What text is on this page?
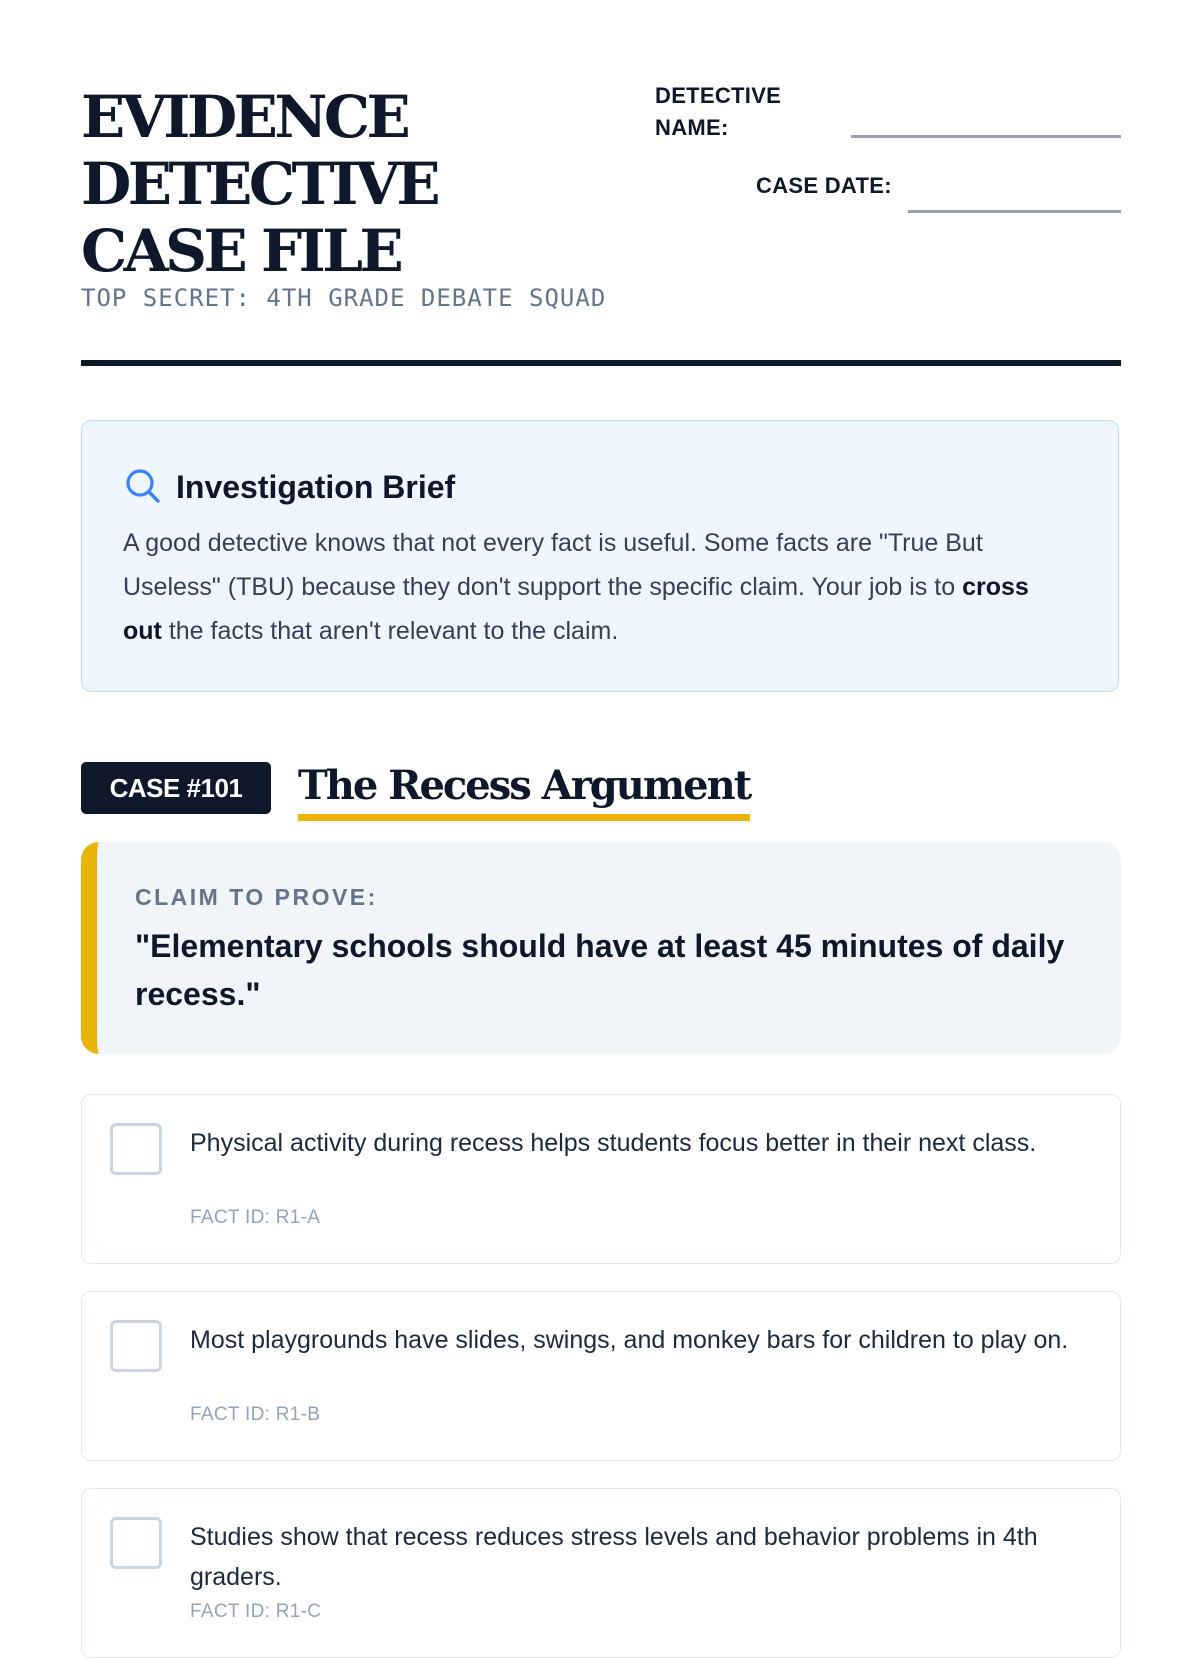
EVIDENCE DETECTIVE CASE FILE
TOP SECRET: 4TH GRADE DEBATE SQUAD
DETECTIVE NAME:
CASE DATE:
Investigation Brief

A good detective knows that not every fact is useful. Some facts are "True But Useless" (TBU) because they don't support the specific claim. Your job is to cross out the facts that aren't relevant to the claim.

CASE #101	The Recess Argument
CLAIM TO PROVE:

"Elementary schools should have at least 45 minutes of daily recess."

Physical activity during recess helps students focus better in their next class.

FACT ID: R1-A

Most playgrounds have slides, swings, and monkey bars for children to play on.

FACT ID: R1-B

Studies show that recess reduces stress levels and behavior problems in 4th graders.

FACT ID: R1-C
